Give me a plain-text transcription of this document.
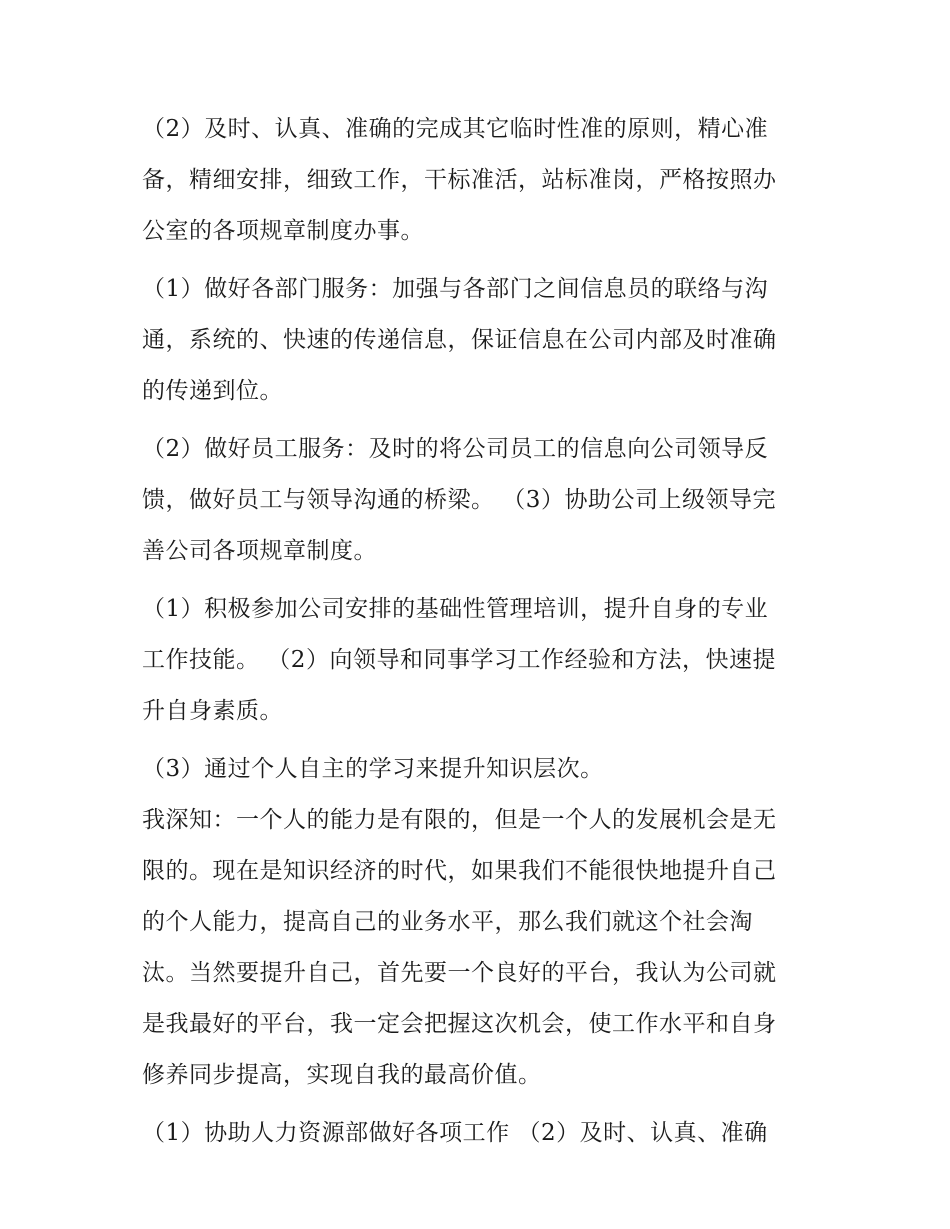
（2）及时、认真、准确的完成其它临时性准的原则，精心准
备，精细安排，细致工作，干标准活，站标准岗，严格按照办
公室的各项规章制度办事。
（1）做好各部门服务：加强与各部门之间信息员的联络与沟
通，系统的、快速的传递信息，保证信息在公司内部及时准确
的传递到位。
（2）做好员工服务：及时的将公司员工的信息向公司领导反
馈，做好员工与领导沟通的桥梁。 （3）协助公司上级领导完
善公司各项规章制度。
（1）积极参加公司安排的基础性管理培训，提升自身的专业
工作技能。 （2）向领导和同事学习工作经验和方法，快速提
升自身素质。
（3）通过个人自主的学习来提升知识层次。
我深知：一个人的能力是有限的，但是一个人的发展机会是无
限的。现在是知识经济的时代，如果我们不能很快地提升自己
的个人能力，提高自己的业务水平，那么我们就这个社会淘
汰。当然要提升自己，首先要一个良好的平台，我认为公司就
是我最好的平台，我一定会把握这次机会，使工作水平和自身
修养同步提高，实现自我的最高价值。
（1）协助人力资源部做好各项工作 （2）及时、认真、准确
